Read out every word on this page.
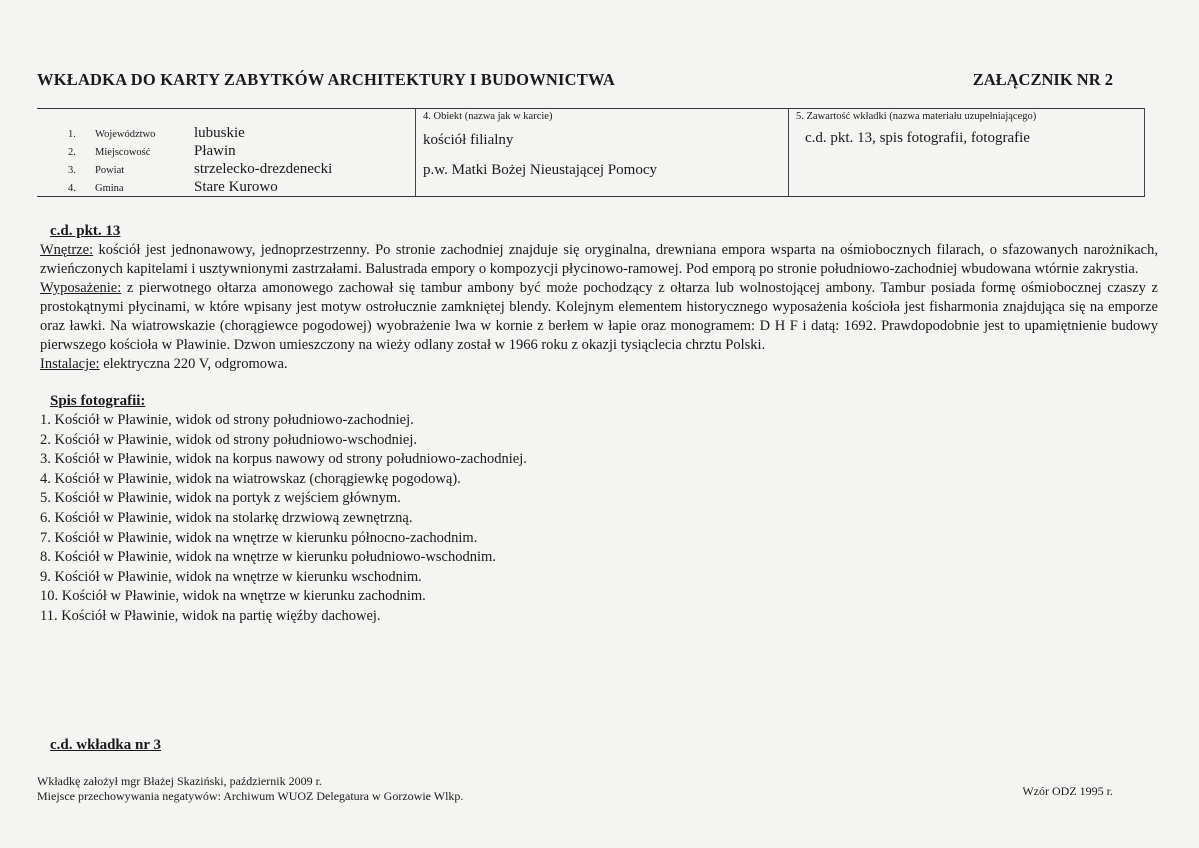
WKŁADKA DO KARTY ZABYTKÓW ARCHITEKTURY I BUDOWNICTWA	ZAŁĄCZNIK NR 2
1. Województwo	lubuskie
2. Miejscowość	Pławin
3. Powiat	strzelecko-drezdenecki
4. Gmina	Stare Kurowo
4. Obiekt (nazwa jak w karcie)
kościół filialny
p.w. Matki Bożej Nieustającej Pomocy
5. Zawartość wkładki (nazwa materiału uzupełniającego)
c.d. pkt. 13, spis fotografii, fotografie
c.d. pkt. 13

Wnętrze: kościół jest jednonawowy, jednoprzestrzenny. Po stronie zachodniej znajduje się oryginalna, drewniana empora wsparta na ośmiobocznych filarach, o sfazowanych narożnikach, zwieńczonych kapitelami i usztywnionymi zastrzałami. Balustrada empory o kompozycji płycinowo-ramowej. Pod emporą po stronie południowo-zachodniej wbudowana wtórnie zakrystia.

Wyposażenie: z pierwotnego ołtarza amonowego zachował się tambur ambony być może pochodzący z ołtarza lub wolnostojącej ambony. Tambur posiada formę ośmiobocznej czaszy z prostokątnymi płycinami, w które wpisany jest motyw ostrołucznie zamkniętej blendy. Kolejnym elementem historycznego wyposażenia kościoła jest fisharmonia znajdująca się na emporze oraz ławki. Na wiatrowskazie (chorągiewce pogodowej) wyobrażenie lwa w kornie z berłem w łapie oraz monogramem: D H F i datą: 1692. Prawdopodobnie jest to upamiętnienie budowy pierwszego kościoła w Pławinie. Dzwon umieszczony na wieży odlany został w 1966 roku z okazji tysiąclecia chrztu Polski.

Instalacje: elektryczna 220 V, odgromowa.

Spis fotografii:
1. Kościół w Pławinie, widok od strony południowo-zachodniej.
2. Kościół w Pławinie, widok od strony południowo-wschodniej.
3. Kościół w Pławinie, widok na korpus nawowy od strony południowo-zachodniej.
4. Kościół w Pławinie, widok na wiatrowskaz (chorągiewkę pogodową).
5. Kościół w Pławinie, widok na portyk z wejściem głównym.
6. Kościół w Pławinie, widok na stolarkę drzwiową zewnętrzną.
7. Kościół w Pławinie, widok na wnętrze w kierunku północno-zachodnim.
8. Kościół w Pławinie, widok na wnętrze w kierunku południowo-wschodnim.
9. Kościół w Pławinie, widok na wnętrze w kierunku wschodnim.
10. Kościół w Pławinie, widok na wnętrze w kierunku zachodnim.
11. Kościół w Pławinie, widok na partię więźby dachowej.
c.d. wkładka nr 3
Wkładkę założył mgr Błażej Skaziński, październik 2009 r.
Miejsce przechowywania negatywów: Archiwum WUOZ Delegatura w Gorzowie Wlkp.	Wzór ODZ 1995 r.
